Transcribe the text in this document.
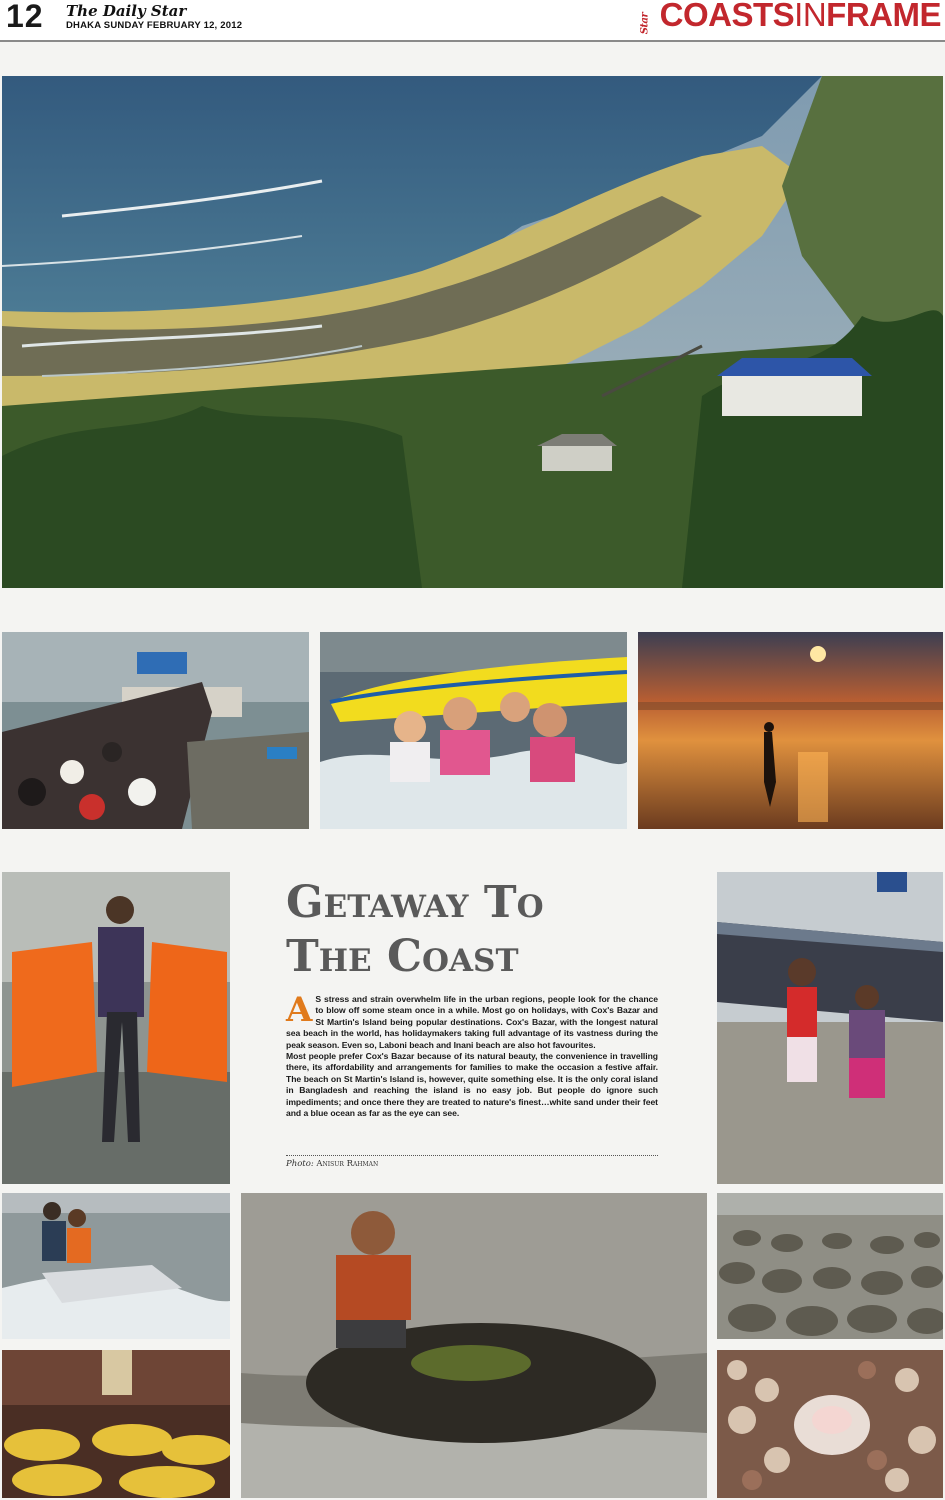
12 The Daily Star
DHAKA SUNDAY FEBRUARY 12, 2012	Star COASTS IN FRAME
Getaway To
The Coast
A S stress and strain overwhelm life in the urban regions, people look for the chance to blow off some steam once in a while. Most go on holidays, with Cox's Bazar and St Martin's Island being popular destinations. Cox's Bazar, with the longest natural sea beach in the world, has holidaymakers taking full advantage of its vastness during the peak season. Even so, Laboni beach and Inani beach are also hot favourites.

Most people prefer Cox's Bazar because of its natural beauty, the convenience in travelling there, its affordability and arrangements for families to make the occasion a festive affair. The beach on St Martin's Island is, however, quite something else. It is the only coral island in Bangladesh and reaching the island is no easy job. But people do ignore such impediments; and once there they are treated to nature's finest…white sand under their feet and a blue ocean as far as the eye can see.

Photo: Anisur Rahman
